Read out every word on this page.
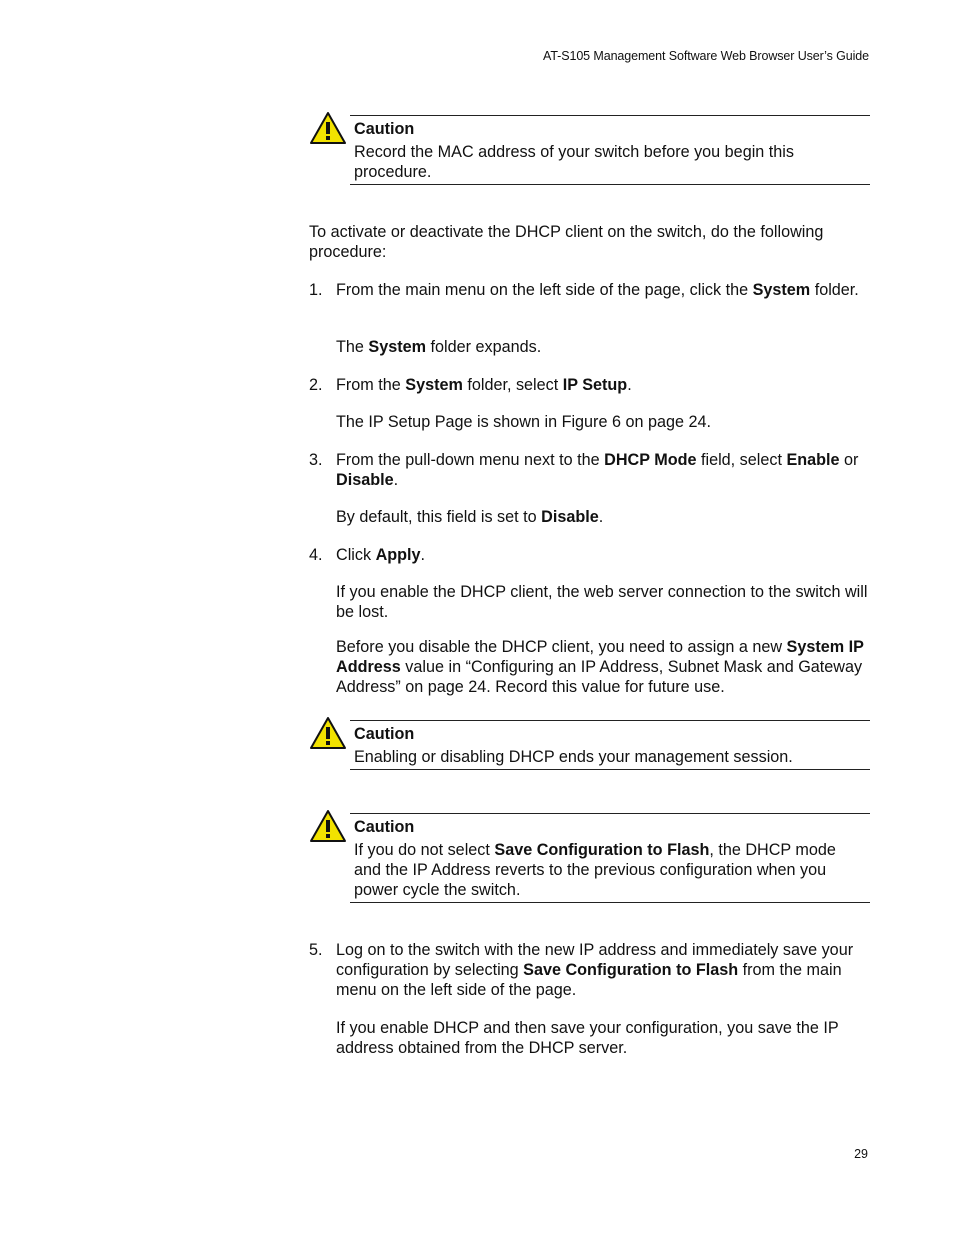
AT-S105 Management Software Web Browser User’s Guide
Caution
Record the MAC address of your switch before you begin this procedure.
To activate or deactivate the DHCP client on the switch, do the following procedure:
1. From the main menu on the left side of the page, click the System folder.
The System folder expands.
2. From the System folder, select IP Setup.
The IP Setup Page is shown in Figure 6 on page 24.
3. From the pull-down menu next to the DHCP Mode field, select Enable or Disable.
By default, this field is set to Disable.
4. Click Apply.
If you enable the DHCP client, the web server connection to the switch will be lost.
Before you disable the DHCP client, you need to assign a new System IP Address value in “Configuring an IP Address, Subnet Mask and Gateway Address” on page 24. Record this value for future use.
Caution
Enabling or disabling DHCP ends your management session.
Caution
If you do not select Save Configuration to Flash, the DHCP mode and the IP Address reverts to the previous configuration when you power cycle the switch.
5. Log on to the switch with the new IP address and immediately save your configuration by selecting Save Configuration to Flash from the main menu on the left side of the page.
If you enable DHCP and then save your configuration, you save the IP address obtained from the DHCP server.
29
